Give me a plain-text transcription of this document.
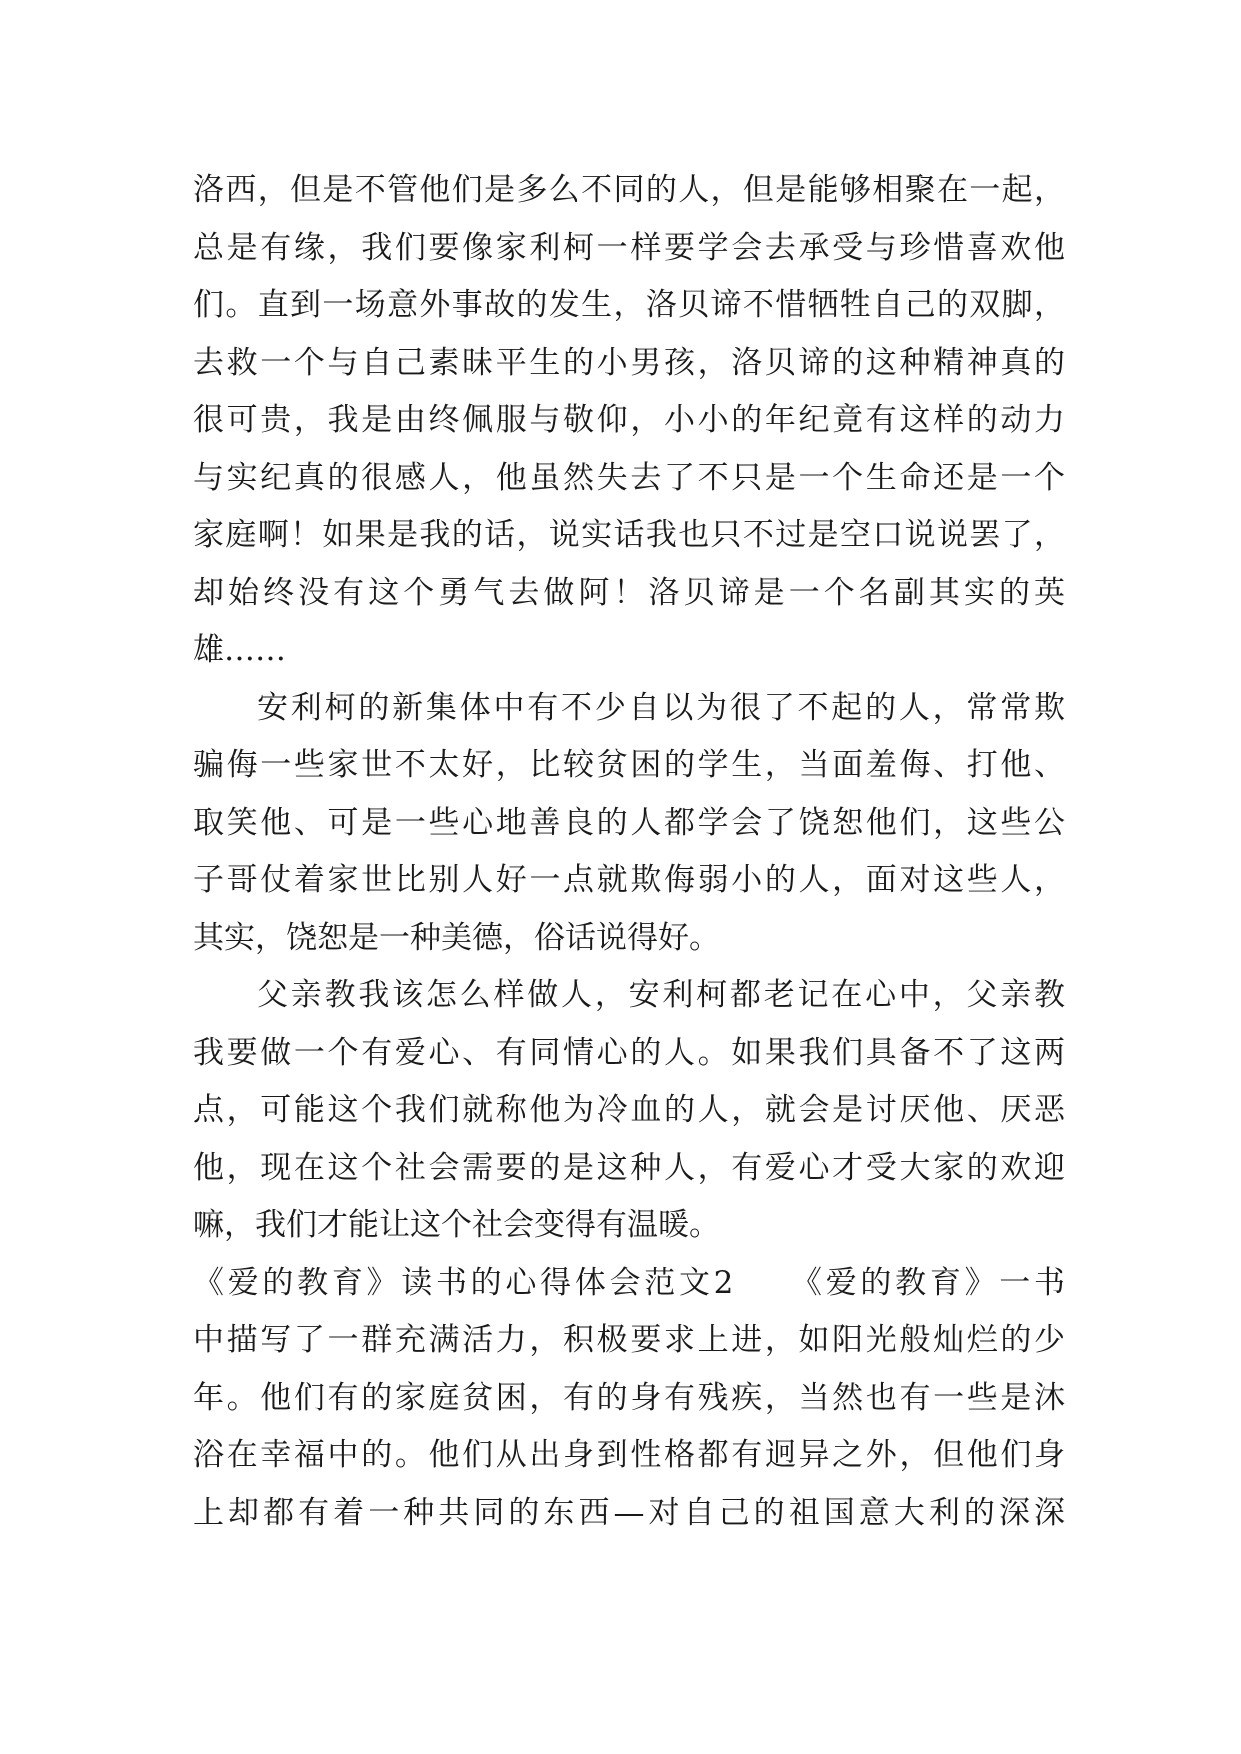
洛西，但是不管他们是多么不同的人，但是能够相聚在一起，
总是有缘，我们要像家利柯一样要学会去承受与珍惜喜欢他
们。直到一场意外事故的发生，洛贝谛不惜牺牲自己的双脚，
去救一个与自己素昧平生的小男孩，洛贝谛的这种精神真的
很可贵，我是由终佩服与敬仰，小小的年纪竟有这样的动力
与实纪真的很感人，他虽然失去了不只是一个生命还是一个
家庭啊！如果是我的话，说实话我也只不过是空口说说罢了，
却始终没有这个勇气去做阿！洛贝谛是一个名副其实的英
雄……
安利柯的新集体中有不少自以为很了不起的人，常常欺
骗侮一些家世不太好，比较贫困的学生，当面羞侮、打他、
取笑他、可是一些心地善良的人都学会了饶恕他们，这些公
子哥仗着家世比别人好一点就欺侮弱小的人，面对这些人，
其实，饶恕是一种美德，俗话说得好。
父亲教我该怎么样做人，安利柯都老记在心中，父亲教
我要做一个有爱心、有同情心的人。如果我们具备不了这两
点，可能这个我们就称他为冷血的人，就会是讨厌他、厌恶
他，现在这个社会需要的是这种人，有爱心才受大家的欢迎
嘛，我们才能让这个社会变得有温暖。
《爱的教育》读书的心得体会范文2　　《爱的教育》一书
中描写了一群充满活力，积极要求上进，如阳光般灿烂的少
年。他们有的家庭贫困，有的身有残疾，当然也有一些是沐
浴在幸福中的。他们从出身到性格都有迥异之外，但他们身
上却都有着一种共同的东西—对自己的祖国意大利的深深
